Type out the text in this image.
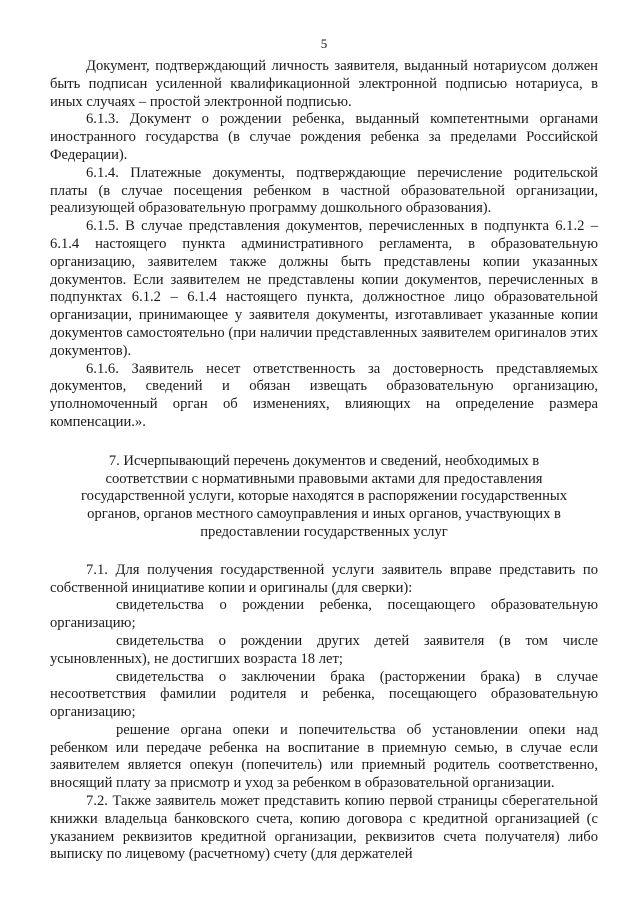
5

Документ, подтверждающий личность заявителя, выданный нотариусом должен быть подписан усиленной квалификационной электронной подписью нотариуса, в иных случаях – простой электронной подписью.

6.1.3. Документ о рождении ребенка, выданный компетентными органами иностранного государства (в случае рождения ребенка за пределами Российской Федерации).

6.1.4. Платежные документы, подтверждающие перечисление родительской платы (в случае посещения ребенком в частной образовательной организации, реализующей образовательную программу дошкольного образования).

6.1.5. В случае представления документов, перечисленных в подпункта 6.1.2 – 6.1.4 настоящего пункта административного регламента, в образовательную организацию, заявителем также должны быть представлены копии указанных документов. Если заявителем не представлены копии документов, перечисленных в подпунктах 6.1.2 – 6.1.4 настоящего пункта, должностное лицо образовательной организации, принимающее у заявителя документы, изготавливает указанные копии документов самостоятельно (при наличии представленных заявителем оригиналов этих документов).

6.1.6. Заявитель несет ответственность за достоверность представляемых документов, сведений и обязан извещать образовательную организацию, уполномоченный орган об изменениях, влияющих на определение размера компенсации.».

7. Исчерпывающий перечень документов и сведений, необходимых в соответствии с нормативными правовыми актами для предоставления государственной услуги, которые находятся в распоряжении государственных органов, органов местного самоуправления и иных органов, участвующих в предоставлении государственных услуг

7.1. Для получения государственной услуги заявитель вправе представить по собственной инициативе копии и оригиналы (для сверки):

свидетельства о рождении ребенка, посещающего образовательную организацию;

свидетельства о рождении других детей заявителя (в том числе усыновленных), не достигших возраста 18 лет;

свидетельства о заключении брака (расторжении брака) в случае несоответствия фамилии родителя и ребенка, посещающего образовательную организацию;

решение органа опеки и попечительства об установлении опеки над ребенком или передаче ребенка на воспитание в приемную семью, в случае если заявителем является опекун (попечитель) или приемный родитель соответственно, вносящий плату за присмотр и уход за ребенком в образовательной организации.

7.2. Также заявитель может представить копию первой страницы сберегательной книжки владельца банковского счета, копию договора с кредитной организацией (с указанием реквизитов кредитной организации, реквизитов счета получателя) либо выписку по лицевому (расчетному) счету (для держателей
